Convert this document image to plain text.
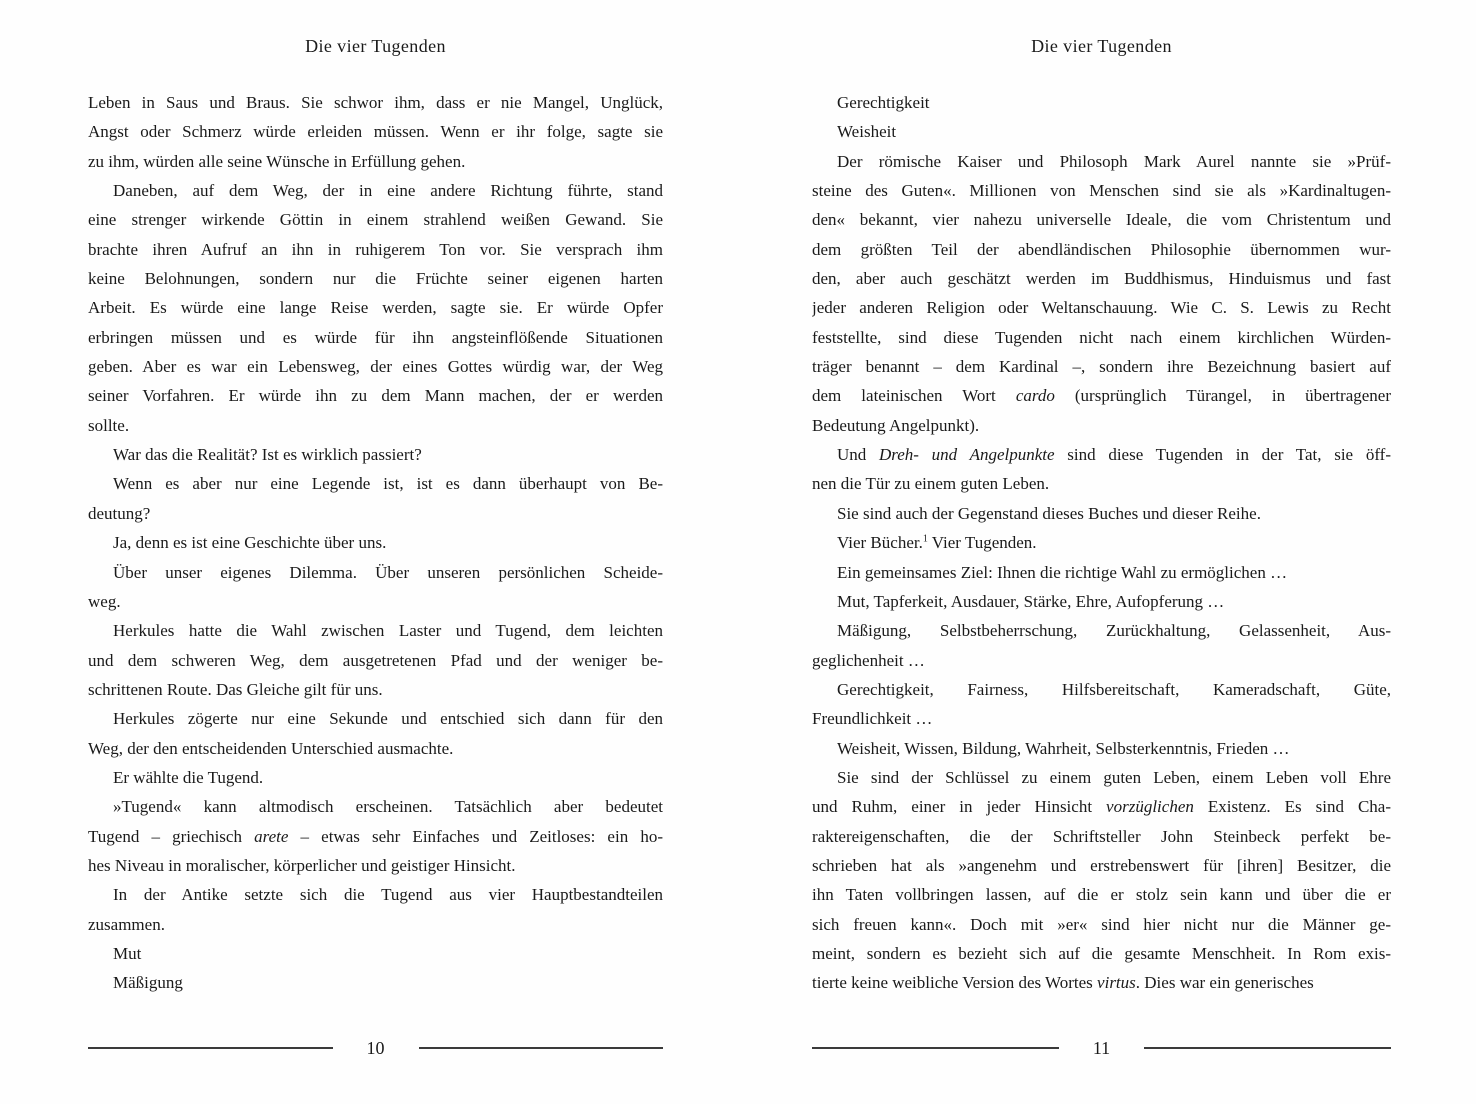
Die vier Tugenden
Leben in Saus und Braus. Sie schwor ihm, dass er nie Mangel, Unglück,
Angst oder Schmerz würde erleiden müssen. Wenn er ihr folge, sagte sie
zu ihm, würden alle seine Wünsche in Erfüllung gehen.
Daneben, auf dem Weg, der in eine andere Richtung führte, stand
eine strenger wirkende Göttin in einem strahlend weißen Gewand. Sie
brachte ihren Aufruf an ihn in ruhigerem Ton vor. Sie versprach ihm
keine Belohnungen, sondern nur die Früchte seiner eigenen harten
Arbeit. Es würde eine lange Reise werden, sagte sie. Er würde Opfer
erbringen müssen und es würde für ihn angsteinflößende Situationen
geben. Aber es war ein Lebensweg, der eines Gottes würdig war, der Weg
seiner Vorfahren. Er würde ihn zu dem Mann machen, der er werden
sollte.
War das die Realität? Ist es wirklich passiert?
Wenn es aber nur eine Legende ist, ist es dann überhaupt von Be-
deutung?
Ja, denn es ist eine Geschichte über uns.
Über unser eigenes Dilemma. Über unseren persönlichen Scheide-
weg.
Herkules hatte die Wahl zwischen Laster und Tugend, dem leichten
und dem schweren Weg, dem ausgetretenen Pfad und der weniger be-
schrittenen Route. Das Gleiche gilt für uns.
Herkules zögerte nur eine Sekunde und entschied sich dann für den
Weg, der den entscheidenden Unterschied ausmachte.
Er wählte die Tugend.
»Tugend« kann altmodisch erscheinen. Tatsächlich aber bedeutet
Tugend – griechisch arete – etwas sehr Einfaches und Zeitloses: ein ho-
hes Niveau in moralischer, körperlicher und geistiger Hinsicht.
In der Antike setzte sich die Tugend aus vier Hauptbestandteilen
zusammen.
Mut
Mäßigung
10
Die vier Tugenden
Gerechtigkeit
Weisheit
Der römische Kaiser und Philosoph Mark Aurel nannte sie »Prüf-
steine des Guten«. Millionen von Menschen sind sie als »Kardinaltugen-
den« bekannt, vier nahezu universelle Ideale, die vom Christentum und
dem größten Teil der abendländischen Philosophie übernommen wur-
den, aber auch geschätzt werden im Buddhismus, Hinduismus und fast
jeder anderen Religion oder Weltanschauung. Wie C. S. Lewis zu Recht
feststellte, sind diese Tugenden nicht nach einem kirchlichen Würden-
träger benannt – dem Kardinal –, sondern ihre Bezeichnung basiert auf
dem lateinischen Wort cardo (ursprünglich Türangel, in übertragener
Bedeutung Angelpunkt).
Und Dreh- und Angelpunkte sind diese Tugenden in der Tat, sie öff-
nen die Tür zu einem guten Leben.
Sie sind auch der Gegenstand dieses Buches und dieser Reihe.
Vier Bücher.$^1$ Vier Tugenden.
Ein gemeinsames Ziel: Ihnen die richtige Wahl zu ermöglichen …
Mut, Tapferkeit, Ausdauer, Stärke, Ehre, Aufopferung …
Mäßigung, Selbstbeherrschung, Zurückhaltung, Gelassenheit, Aus-
geglichenheit …
Gerechtigkeit, Fairness, Hilfsbereitschaft, Kameradschaft, Güte,
Freundlichkeit …
Weisheit, Wissen, Bildung, Wahrheit, Selbsterkenntnis, Frieden …
Sie sind der Schlüssel zu einem guten Leben, einem Leben voll Ehre
und Ruhm, einer in jeder Hinsicht vorzüglichen Existenz. Es sind Cha-
raktereigenschaften, die der Schriftsteller John Steinbeck perfekt be-
schrieben hat als »angenehm und erstrebenswert für [ihren] Besitzer, die
ihn Taten vollbringen lassen, auf die er stolz sein kann und über die er
sich freuen kann«. Doch mit »er« sind hier nicht nur die Männer ge-
meint, sondern es bezieht sich auf die gesamte Menschheit. In Rom exis-
tierte keine weibliche Version des Wortes virtus. Dies war ein generisches
11
